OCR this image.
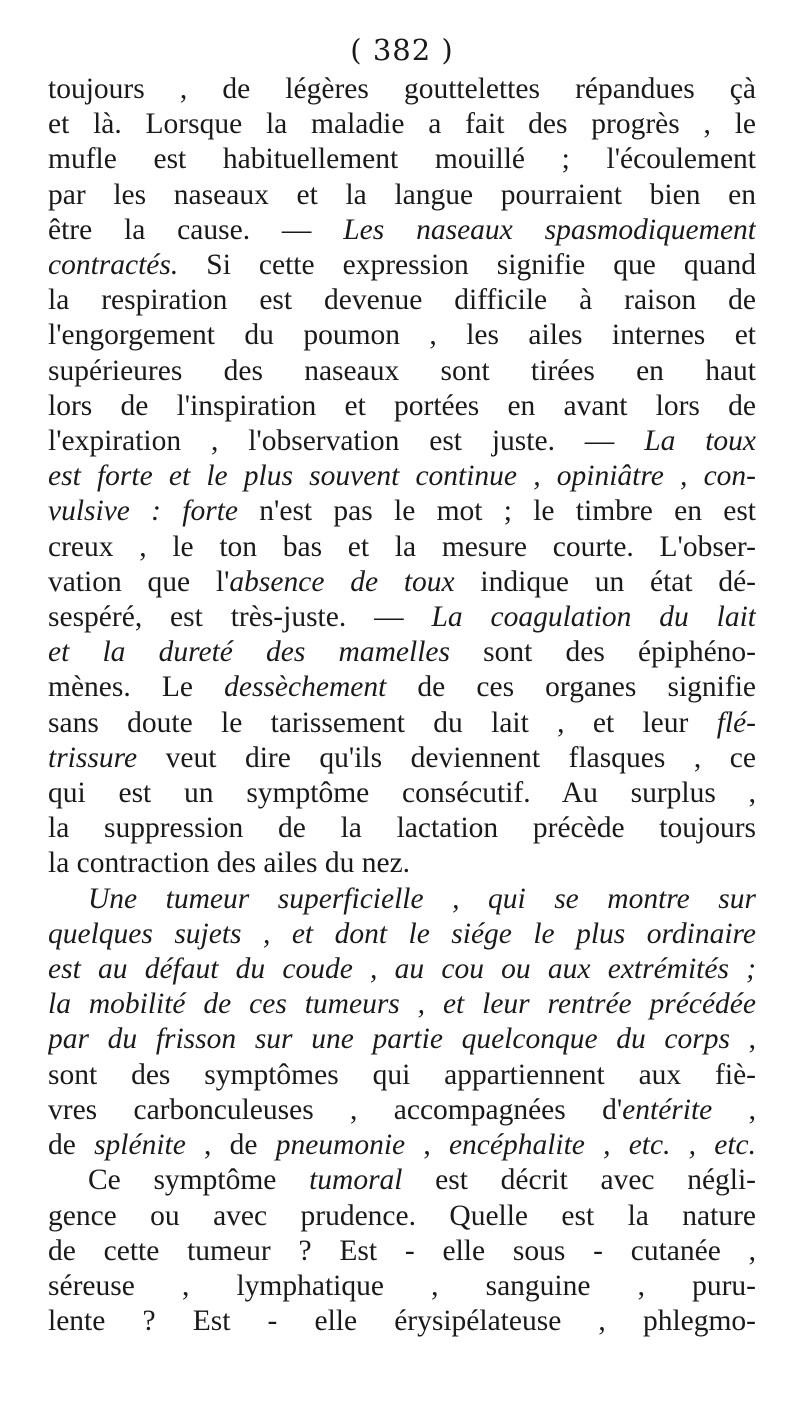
( 382 )
toujours , de légères gouttelettes répandues çà
et là. Lorsque la maladie a fait des progrès , le
mufle est habituellement mouillé ; l'écoulement
par les naseaux et la langue pourraient bien en
être la cause. — Les naseaux spasmodiquement
contractés. Si cette expression signifie que quand
la respiration est devenue difficile à raison de
l'engorgement du poumon , les ailes internes et
supérieures des naseaux sont tirées en haut
lors de l'inspiration et portées en avant lors de
l'expiration , l'observation est juste. — La toux
est forte et le plus souvent continue , opiniâtre , con-
vulsive : forte n'est pas le mot ; le timbre en est
creux , le ton bas et la mesure courte. L'obser-
vation que l'absence de toux indique un état dé-
sespéré, est très-juste. — La coagulation du lait
et la dureté des mamelles sont des épiphéno-
mènes. Le dessèchement de ces organes signifie
sans doute le tarissement du lait , et leur flé-
trissure veut dire qu'ils deviennent flasques , ce
qui est un symptôme consécutif. Au surplus ,
la suppression de la lactation précède toujours
la contraction des ailes du nez.
Une tumeur superficielle , qui se montre sur
quelques sujets , et dont le siége le plus ordinaire
est au défaut du coude , au cou ou aux extrémités ;
la mobilité de ces tumeurs , et leur rentrée précédée
par du frisson sur une partie quelconque du corps ,
sont des symptômes qui appartiennent aux fiè-
vres carbonculeuses , accompagnées d'entérite ,
de splénite , de pneumonie , encéphalite , etc. , etc.
Ce symptôme tumoral est décrit avec négli-
gence ou avec prudence. Quelle est la nature
de cette tumeur ? Est - elle sous - cutanée ,
séreuse , lymphatique , sanguine , puru-
lente ? Est - elle érysipélateuse , phlegmo-
